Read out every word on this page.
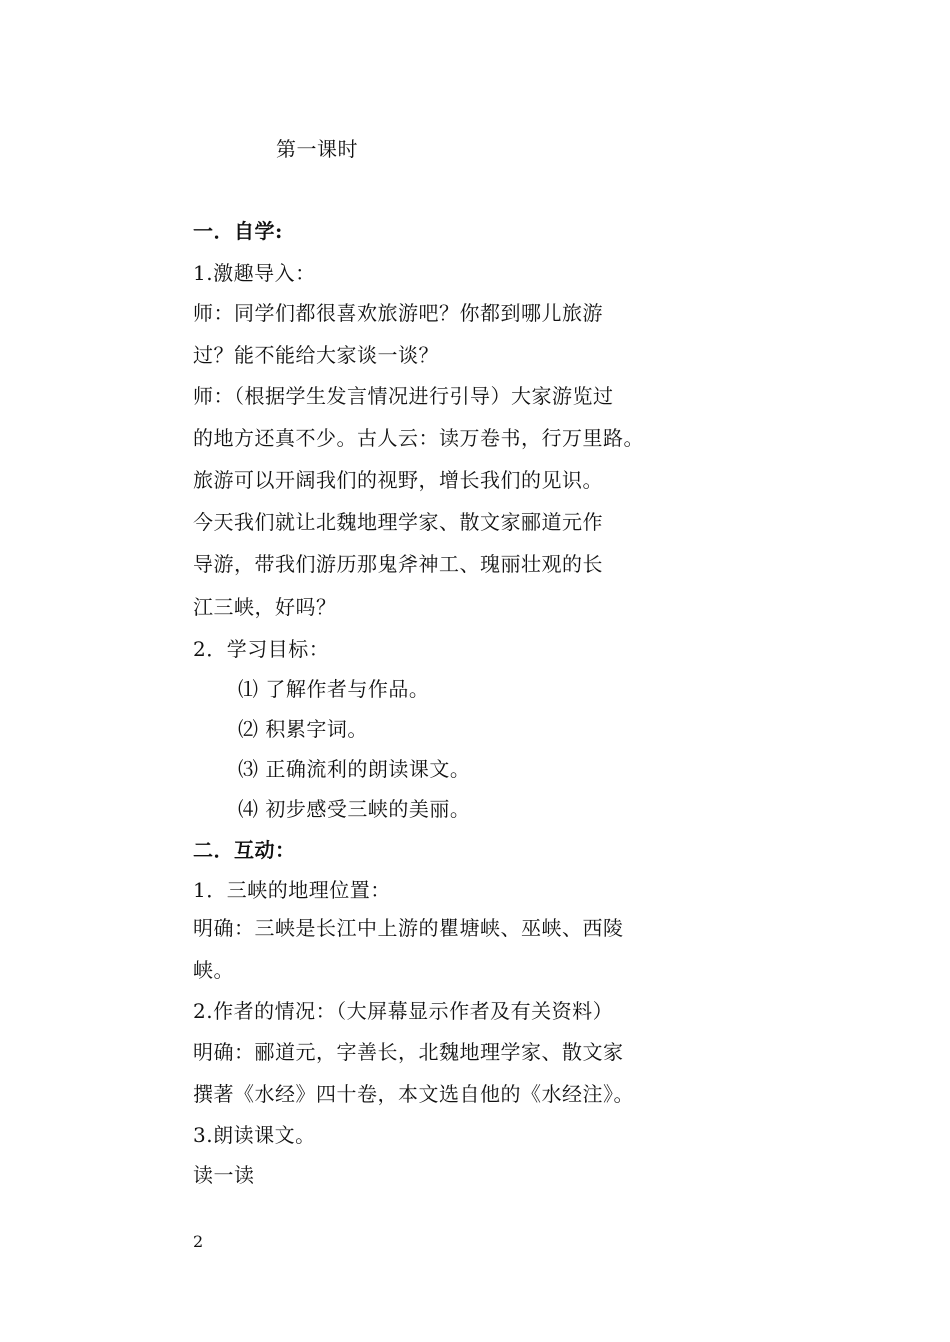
第一课时
一．自学:
1.激趣导入：
师：同学们都很喜欢旅游吧？你都到哪儿旅游
过？能不能给大家谈一谈？
师：（根据学生发言情况进行引导）大家游览过
的地方还真不少。古人云：读万卷书，行万里路。
旅游可以开阔我们的视野，增长我们的见识。
今天我们就让北魏地理学家、散文家郦道元作
导游，带我们游历那鬼斧神工、瑰丽壮观的长
江三峡，好吗？
2．学习目标：
⑴ 了解作者与作品。
⑵ 积累字词。
⑶ 正确流利的朗读课文。
⑷ 初步感受三峡的美丽。
二．互动：
1．三峡的地理位置：
明确：三峡是长江中上游的瞿塘峡、巫峡、西陵
峡。
2.作者的情况：（大屏幕显示作者及有关资料）
明确：郦道元，字善长，北魏地理学家、散文家
撰著《水经》四十卷，本文选自他的《水经注》。
3.朗读课文。
读一读
2
